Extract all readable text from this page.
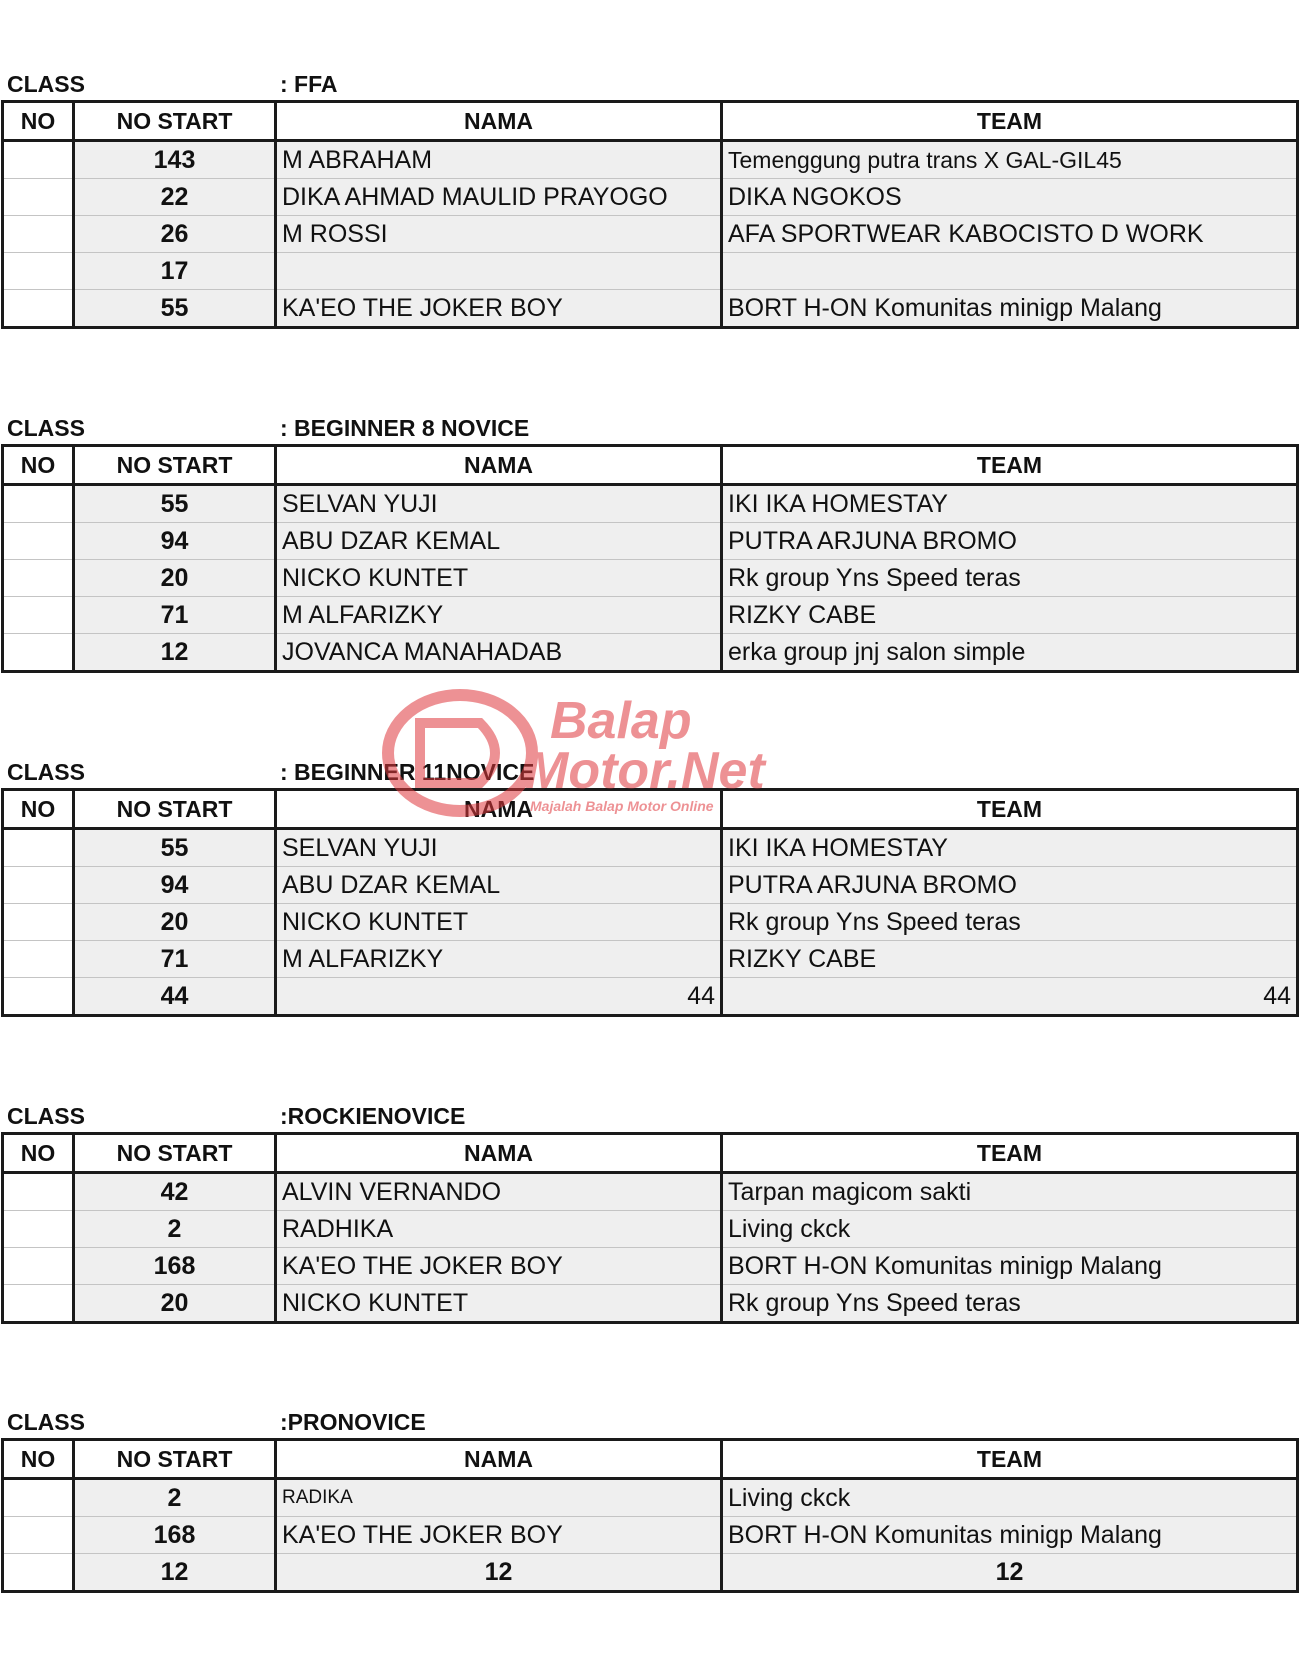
CLASS	: FFA
NO	NO START	NAMA	TEAM
	143	M ABRAHAM	Temenggung putra trans X GAL-GIL45
	22	DIKA AHMAD MAULID PRAYOGO	DIKA NGOKOS
	26	M ROSSI	AFA SPORTWEAR KABOCISTO D WORK
	17		
	55	KA'EO THE JOKER BOY	BORT H-ON Komunitas minigp Malang
CLASS	: BEGINNER 8 NOVICE
NO	NO START	NAMA	TEAM
	55	SELVAN YUJI	IKI IKA HOMESTAY
	94	ABU DZAR KEMAL	PUTRA ARJUNA BROMO
	20	NICKO KUNTET	Rk group Yns Speed teras
	71	M ALFARIZKY	RIZKY CABE
	12	JOVANCA MANAHADAB	erka group jnj salon simple
CLASS	: BEGINNER 11NOVICE
NO	NO START	NAMA	TEAM
	55	SELVAN YUJI	IKI IKA HOMESTAY
	94	ABU DZAR KEMAL	PUTRA ARJUNA BROMO
	20	NICKO KUNTET	Rk group Yns Speed teras
	71	M ALFARIZKY	RIZKY CABE
	44	44	44
CLASS	:ROCKIENOVICE
NO	NO START	NAMA	TEAM
	42	ALVIN VERNANDO	Tarpan magicom sakti
	2	RADHIKA	Living ckck
	168	KA'EO THE JOKER BOY	BORT H-ON Komunitas minigp Malang
	20	NICKO KUNTET	Rk group Yns Speed teras
CLASS	:PRONOVICE
NO	NO START	NAMA	TEAM
	2	RADIKA	Living ckck
	168	KA'EO THE JOKER BOY	BORT H-ON Komunitas minigp Malang
	12	12	12
Balap
Motor.Net
Majalah Balap Motor Online
